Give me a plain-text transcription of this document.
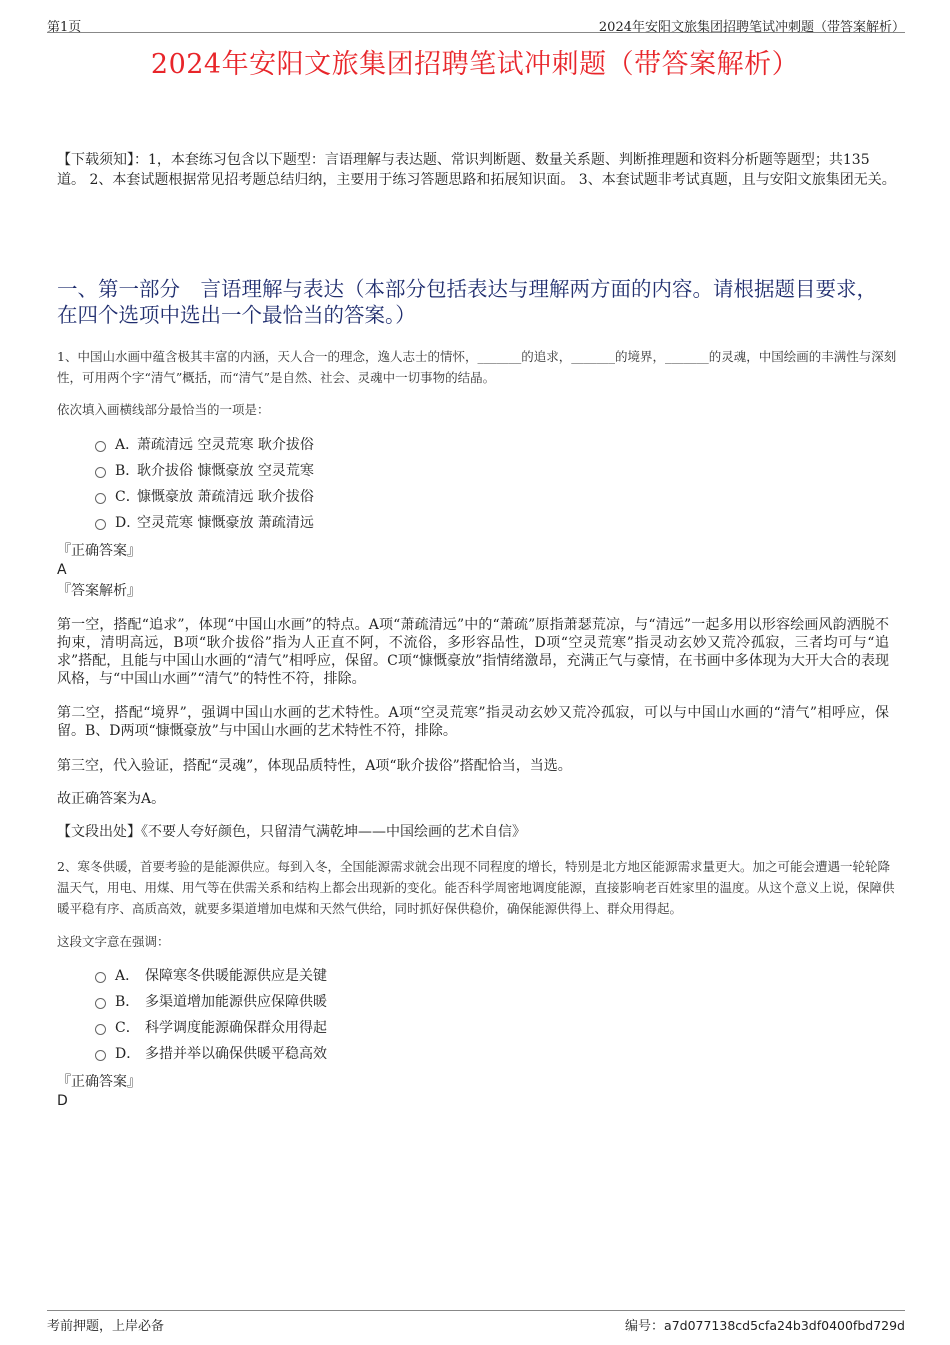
第1页	2024年安阳文旅集团招聘笔试冲刺题（带答案解析）
2024年安阳文旅集团招聘笔试冲刺题（带答案解析）
【下载须知】：1，本套练习包含以下题型：言语理解与表达题、常识判断题、数量关系题、判断推理题和资料分析题等题型；共135道。 2、本套试题根据常见招考题总结归纳，主要用于练习答题思路和拓展知识面。 3、本套试题非考试真题，且与安阳文旅集团无关。
一、第一部分　言语理解与表达（本部分包括表达与理解两方面的内容。请根据题目要求，在四个选项中选出一个最恰当的答案。）
1、中国山水画中蕴含极其丰富的内涵，天人合一的理念，逸人志士的情怀，_______的追求，_______的境界，_______的灵魂，中国绘画的丰满性与深刻性，可用两个字“清气”概括，而“清气”是自然、社会、灵魂中一切事物的结晶。
依次填入画横线部分最恰当的一项是：
A．
萧疏清远 空灵荒寒 耿介拔俗
B．
耿介拔俗 慷慨豪放 空灵荒寒
C．
慷慨豪放 萧疏清远 耿介拔俗
D．
空灵荒寒 慷慨豪放 萧疏清远
『正确答案』
A
『答案解析』
第一空，搭配“追求”，体现“中国山水画”的特点。A项“萧疏清远”中的“萧疏”原指萧瑟荒凉，与“清远”一起多用以形容绘画风韵洒脱不拘束，清明高远，B项“耿介拔俗”指为人正直不阿，不流俗，多形容品性，D项“空灵荒寒”指灵动玄妙又荒冷孤寂，三者均可与“追求”搭配，且能与中国山水画的“清气”相呼应，保留。C项“慷慨豪放”指情绪激昂，充满正气与豪情，在书画中多体现为大开大合的表现风格，与“中国山水画”“清气”的特性不符，排除。
第二空，搭配“境界”，强调中国山水画的艺术特性。A项“空灵荒寒”指灵动玄妙又荒冷孤寂，可以与中国山水画的“清气”相呼应，保留。B、D两项“慷慨豪放”与中国山水画的艺术特性不符，排除。
第三空，代入验证，搭配“灵魂”，体现品质特性，A项“耿介拔俗”搭配恰当，当选。
故正确答案为A。
【文段出处】《不要人夸好颜色，只留清气满乾坤——中国绘画的艺术自信》
2、寒冬供暖，首要考验的是能源供应。每到入冬，全国能源需求就会出现不同程度的增长，特别是北方地区能源需求量更大。加之可能会遭遇一轮轮降温天气，用电、用煤、用气等在供需关系和结构上都会出现新的变化。能否科学周密地调度能源，直接影响老百姓家里的温度。从这个意义上说，保障供暖平稳有序、高质高效，就要多渠道增加电煤和天然气供给，同时抓好保供稳价，确保能源供得上、群众用得起。
这段文字意在强调：
A． 保障寒冬供暖能源供应是关键
B． 多渠道增加能源供应保障供暖
C． 科学调度能源确保群众用得起
D． 多措并举以确保供暖平稳高效
『正确答案』
D
考前押题，上岸必备	编号：a7d077138cd5cfa24b3df0400fbd729d
